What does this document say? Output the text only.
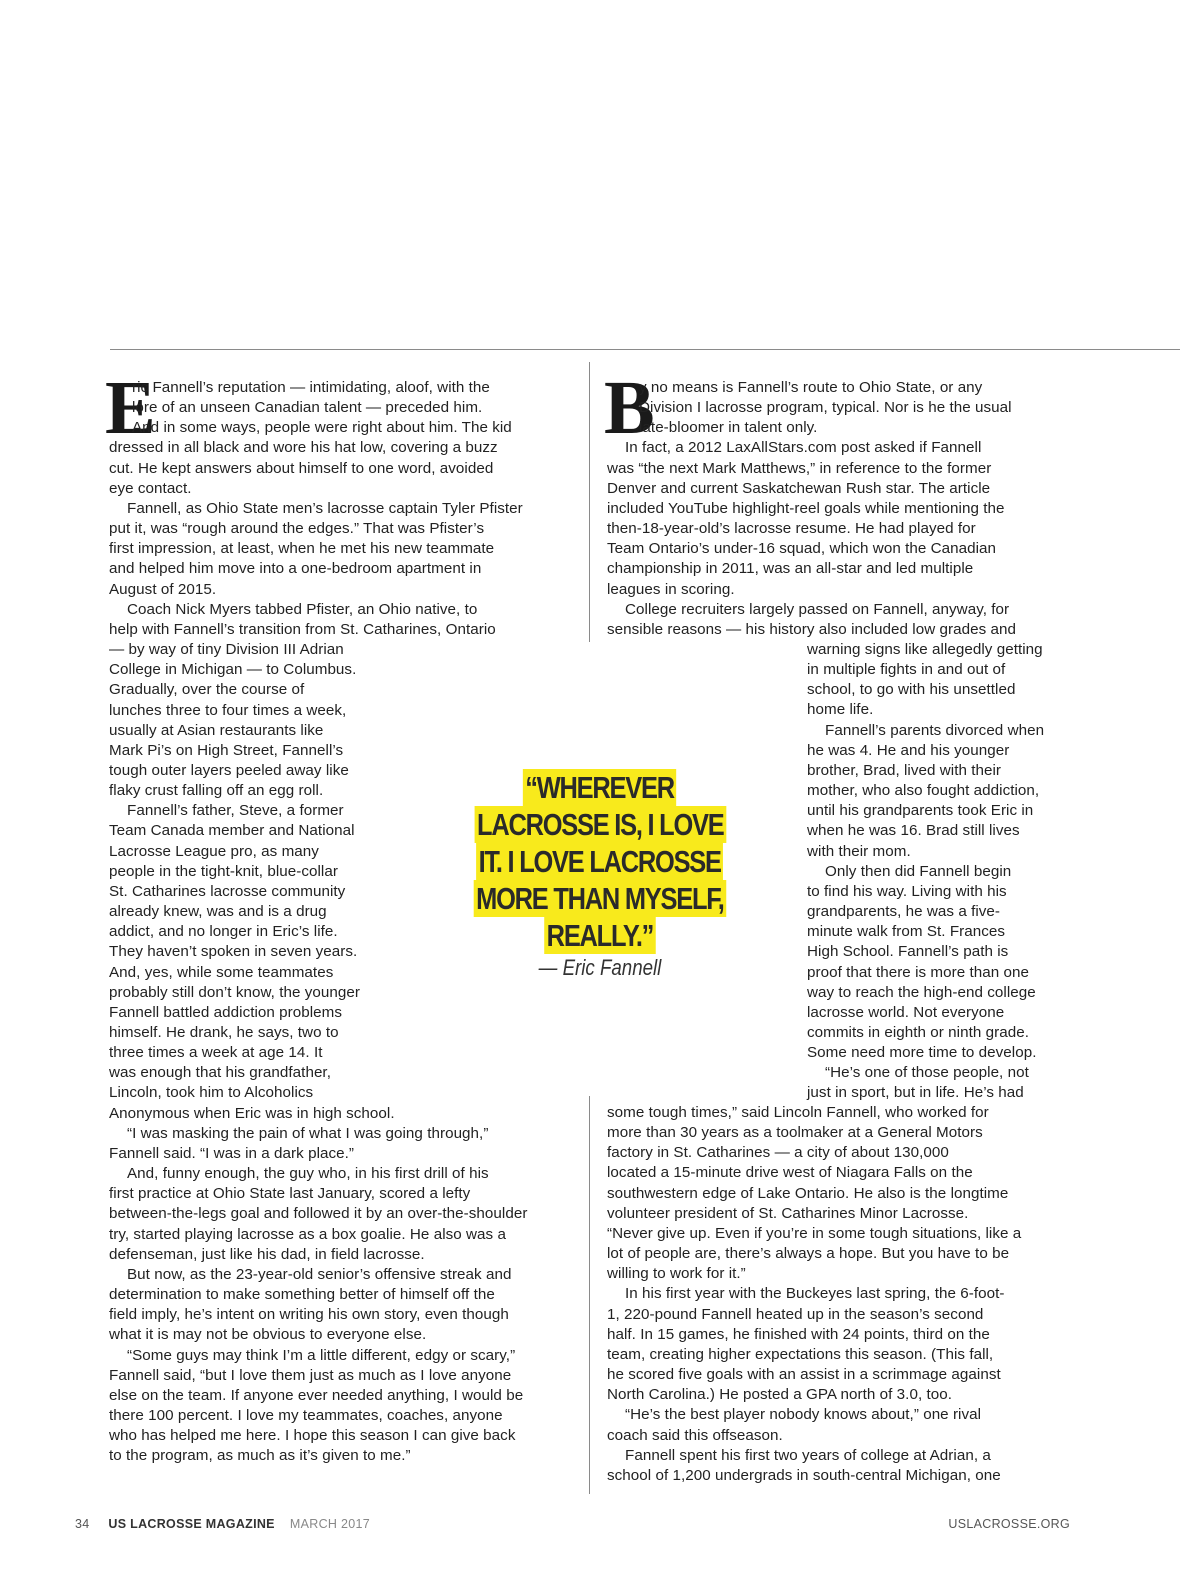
E	B
ric Fannell’s reputation — intimidating, aloof, with the
lore of an unseen Canadian talent — preceded him.
And in some ways, people were right about him. The kid
dressed in all black and wore his hat low, covering a buzz
cut. He kept answers about himself to one word, avoided
eye contact.
Fannell, as Ohio State men’s lacrosse captain Tyler Pfister
put it, was “rough around the edges.” That was Pfister’s
first impression, at least, when he met his new teammate
and helped him move into a one-bedroom apartment in
August of 2015.
Coach Nick Myers tabbed Pfister, an Ohio native, to
help with Fannell’s transition from St. Catharines, Ontario
— by way of tiny Division III Adrian
College in Michigan — to Columbus.
Gradually, over the course of
lunches three to four times a week,
usually at Asian restaurants like
Mark Pi’s on High Street, Fannell’s
tough outer layers peeled away like
flaky crust falling off an egg roll.
Fannell’s father, Steve, a former
Team Canada member and National
Lacrosse League pro, as many
people in the tight-knit, blue-collar
St. Catharines lacrosse community
already knew, was and is a drug
addict, and no longer in Eric’s life.
They haven’t spoken in seven years.
And, yes, while some teammates
probably still don’t know, the younger
Fannell battled addiction problems
himself. He drank, he says, two to
three times a week at age 14. It
was enough that his grandfather,
Lincoln, took him to Alcoholics
Anonymous when Eric was in high school.
“I was masking the pain of what I was going through,”
Fannell said. “I was in a dark place.”
And, funny enough, the guy who, in his first drill of his
first practice at Ohio State last January, scored a lefty
between-the-legs goal and followed it by an over-the-shoulder
try, started playing lacrosse as a box goalie. He also was a
defenseman, just like his dad, in field lacrosse.
But now, as the 23-year-old senior’s offensive streak and
determination to make something better of himself off the
field imply, he’s intent on writing his own story, even though
what it is may not be obvious to everyone else.
“Some guys may think I’m a little different, edgy or scary,”
Fannell said, “but I love them just as much as I love anyone
else on the team. If anyone ever needed anything, I would be
there 100 percent. I love my teammates, coaches, anyone
who has helped me here. I hope this season I can give back
to the program, as much as it’s given to me.”
y no means is Fannell’s route to Ohio State, or any
Division I lacrosse program, typical. Nor is he the usual
late-bloomer in talent only.
In fact, a 2012 LaxAllStars.com post asked if Fannell
was “the next Mark Matthews,” in reference to the former
Denver and current Saskatchewan Rush star. The article
included YouTube highlight-reel goals while mentioning the
then-18-year-old’s lacrosse resume. He had played for
Team Ontario’s under-16 squad, which won the Canadian
championship in 2011, was an all-star and led multiple
leagues in scoring.
College recruiters largely passed on Fannell, anyway, for
sensible reasons — his history also included low grades and
warning signs like allegedly getting
in multiple fights in and out of
school, to go with his unsettled
home life.
Fannell’s parents divorced when
he was 4. He and his younger
brother, Brad, lived with their
mother, who also fought addiction,
until his grandparents took Eric in
when he was 16. Brad still lives
with their mom.
Only then did Fannell begin
to find his way. Living with his
grandparents, he was a five-
minute walk from St. Frances
High School. Fannell’s path is
proof that there is more than one
way to reach the high-end college
lacrosse world. Not everyone
commits in eighth or ninth grade.
Some need more time to develop.
“He’s one of those people, not
just in sport, but in life. He’s had
some tough times,” said Lincoln Fannell, who worked for
more than 30 years as a toolmaker at a General Motors
factory in St. Catharines — a city of about 130,000
located a 15-minute drive west of Niagara Falls on the
southwestern edge of Lake Ontario. He also is the longtime
volunteer president of St. Catharines Minor Lacrosse.
“Never give up. Even if you’re in some tough situations, like a
lot of people are, there’s always a hope. But you have to be
willing to work for it.”
In his first year with the Buckeyes last spring, the 6-foot-
1, 220-pound Fannell heated up in the season’s second
half. In 15 games, he finished with 24 points, third on the
team, creating higher expectations this season. (This fall,
he scored five goals with an assist in a scrimmage against
North Carolina.) He posted a GPA north of 3.0, too.
“He’s the best player nobody knows about,” one rival
coach said this offseason.
Fannell spent his first two years of college at Adrian, a
school of 1,200 undergrads in south-central Michigan, one
“WHEREVER
LACROSSE IS, I LOVE
IT. I LOVE LACROSSE
MORE THAN MYSELF,
REALLY.”
— Eric Fannell
34 US LACROSSE MAGAZINE MARCH 2017	USLACROSSE.ORG
